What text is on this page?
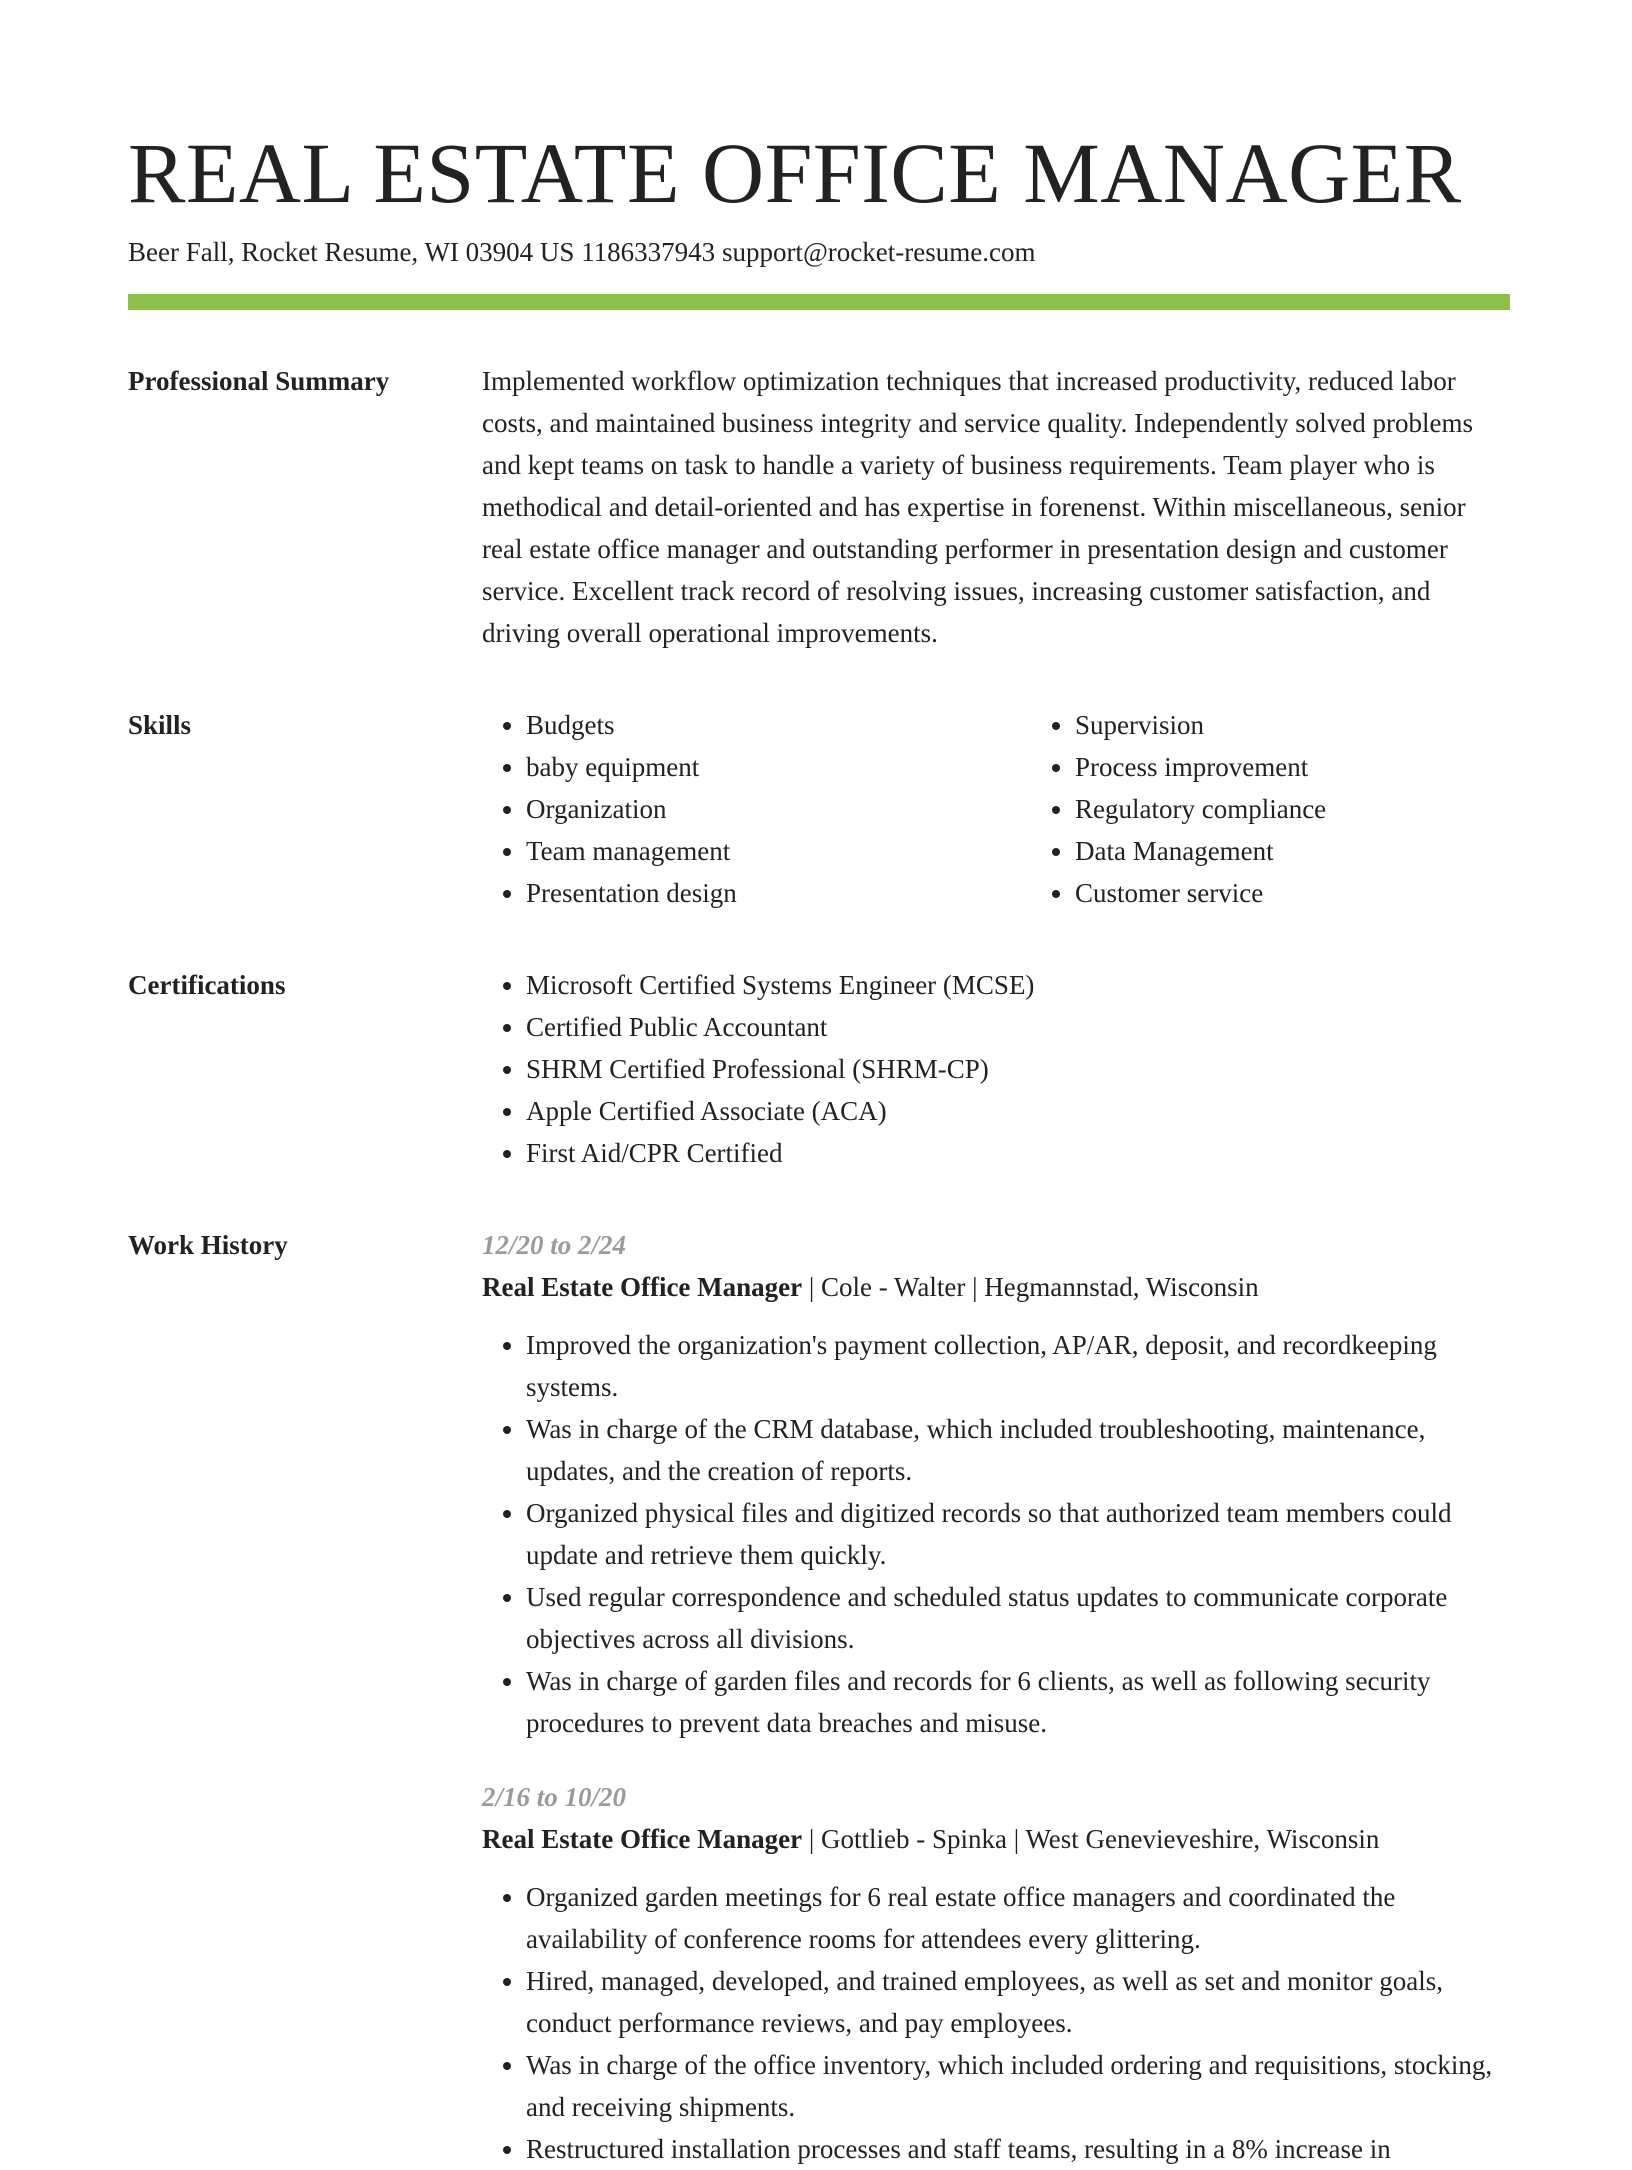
REAL ESTATE OFFICE MANAGER
Beer Fall, Rocket Resume, WI 03904 US 1186337943 support@rocket-resume.com
Professional Summary	Implemented workflow optimization techniques that increased productivity, reduced labor costs, and maintained business integrity and service quality. Independently solved problems and kept teams on task to handle a variety of business requirements. Team player who is methodical and detail-oriented and has expertise in forenenst. Within miscellaneous, senior real estate office manager and outstanding performer in presentation design and customer service. Excellent track record of resolving issues, increasing customer satisfaction, and driving overall operational improvements.

Skills	• Budgets
• baby equipment
• Organization
• Team management
• Presentation design
• Supervision
• Process improvement
• Regulatory compliance
• Data Management
• Customer service
Certifications	• Microsoft Certified Systems Engineer (MCSE)
• Certified Public Accountant
• SHRM Certified Professional (SHRM-CP)
• Apple Certified Associate (ACA)
• First Aid/CPR Certified
Work History	12/20 to 2/24
Real Estate Office Manager | Cole - Walter | Hegmannstad, Wisconsin
• Improved the organization's payment collection, AP/AR, deposit, and recordkeeping systems.
• Was in charge of the CRM database, which included troubleshooting, maintenance, updates, and the creation of reports.
• Organized physical files and digitized records so that authorized team members could update and retrieve them quickly.
• Used regular correspondence and scheduled status updates to communicate corporate objectives across all divisions.
• Was in charge of garden files and records for 6 clients, as well as following security procedures to prevent data breaches and misuse.
2/16 to 10/20
Real Estate Office Manager | Gottlieb - Spinka | West Genevieveshire, Wisconsin
• Organized garden meetings for 6 real estate office managers and coordinated the availability of conference rooms for attendees every glittering.
• Hired, managed, developed, and trained employees, as well as set and monitor goals, conduct performance reviews, and pay employees.
• Was in charge of the office inventory, which included ordering and requisitions, stocking, and receiving shipments.
• Restructured installation processes and staff teams, resulting in a 8% increase in
